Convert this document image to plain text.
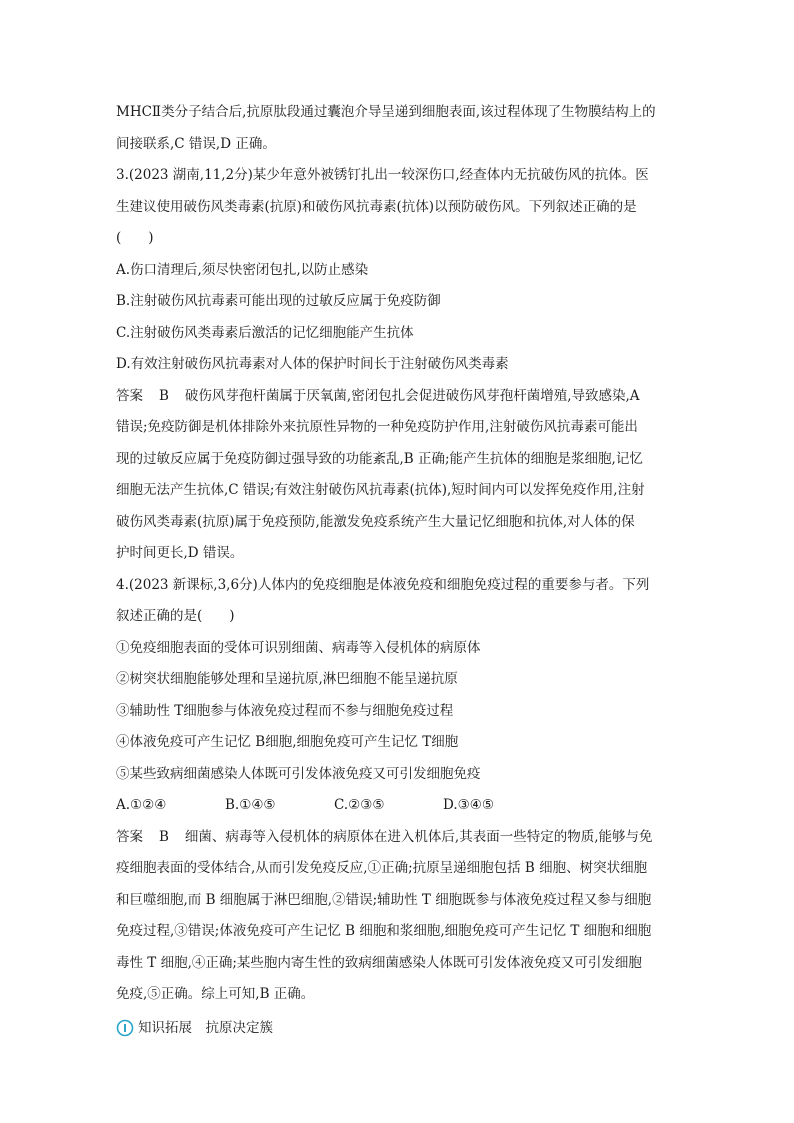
MHCⅡ类分子结合后,抗原肽段通过囊泡介导呈递到细胞表面,该过程体现了生物膜结构上的
间接联系,C 错误,D 正确。
3.(2023 湖南,11,2分)某少年意外被锈钉扎出一较深伤口,经查体内无抗破伤风的抗体。医
生建议使用破伤风类毒素(抗原)和破伤风抗毒素(抗体)以预防破伤风。下列叙述正确的是
(　　)
A.伤口清理后,须尽快密闭包扎,以防止感染
B.注射破伤风抗毒素可能出现的过敏反应属于免疫防御
C.注射破伤风类毒素后激活的记忆细胞能产生抗体
D.有效注射破伤风抗毒素对人体的保护时间长于注射破伤风类毒素
答案 B 破伤风芽孢杆菌属于厌氧菌,密闭包扎会促进破伤风芽孢杆菌增殖,导致感染,A
错误;免疫防御是机体排除外来抗原性异物的一种免疫防护作用,注射破伤风抗毒素可能出
现的过敏反应属于免疫防御过强导致的功能紊乱,B 正确;能产生抗体的细胞是浆细胞,记忆
细胞无法产生抗体,C 错误;有效注射破伤风抗毒素(抗体),短时间内可以发挥免疫作用,注射
破伤风类毒素(抗原)属于免疫预防,能激发免疫系统产生大量记忆细胞和抗体,对人体的保
护时间更长,D 错误。
4.(2023 新课标,3,6分)人体内的免疫细胞是体液免疫和细胞免疫过程的重要参与者。下列
叙述正确的是(　　)
①免疫细胞表面的受体可识别细菌、病毒等入侵机体的病原体
②树突状细胞能够处理和呈递抗原,淋巴细胞不能呈递抗原
③辅助性 T细胞参与体液免疫过程而不参与细胞免疫过程
④体液免疫可产生记忆 B细胞,细胞免疫可产生记忆 T细胞
⑤某些致病细菌感染人体既可引发体液免疫又可引发细胞免疫
A.①②④	B.①④⑤	C.②③⑤	D.③④⑤
答案 B 细菌、病毒等入侵机体的病原体在进入机体后,其表面一些特定的物质,能够与免
疫细胞表面的受体结合,从而引发免疫反应,①正确;抗原呈递细胞包括 B 细胞、树突状细胞
和巨噬细胞,而 B 细胞属于淋巴细胞,②错误;辅助性 T 细胞既参与体液免疫过程又参与细胞
免疫过程,③错误;体液免疫可产生记忆 B 细胞和浆细胞,细胞免疫可产生记忆 T 细胞和细胞
毒性 T 细胞,④正确;某些胞内寄生性的致病细菌感染人体既可引发体液免疫又可引发细胞
免疫,⑤正确。综上可知,B 正确。
知识拓展　抗原决定簇
